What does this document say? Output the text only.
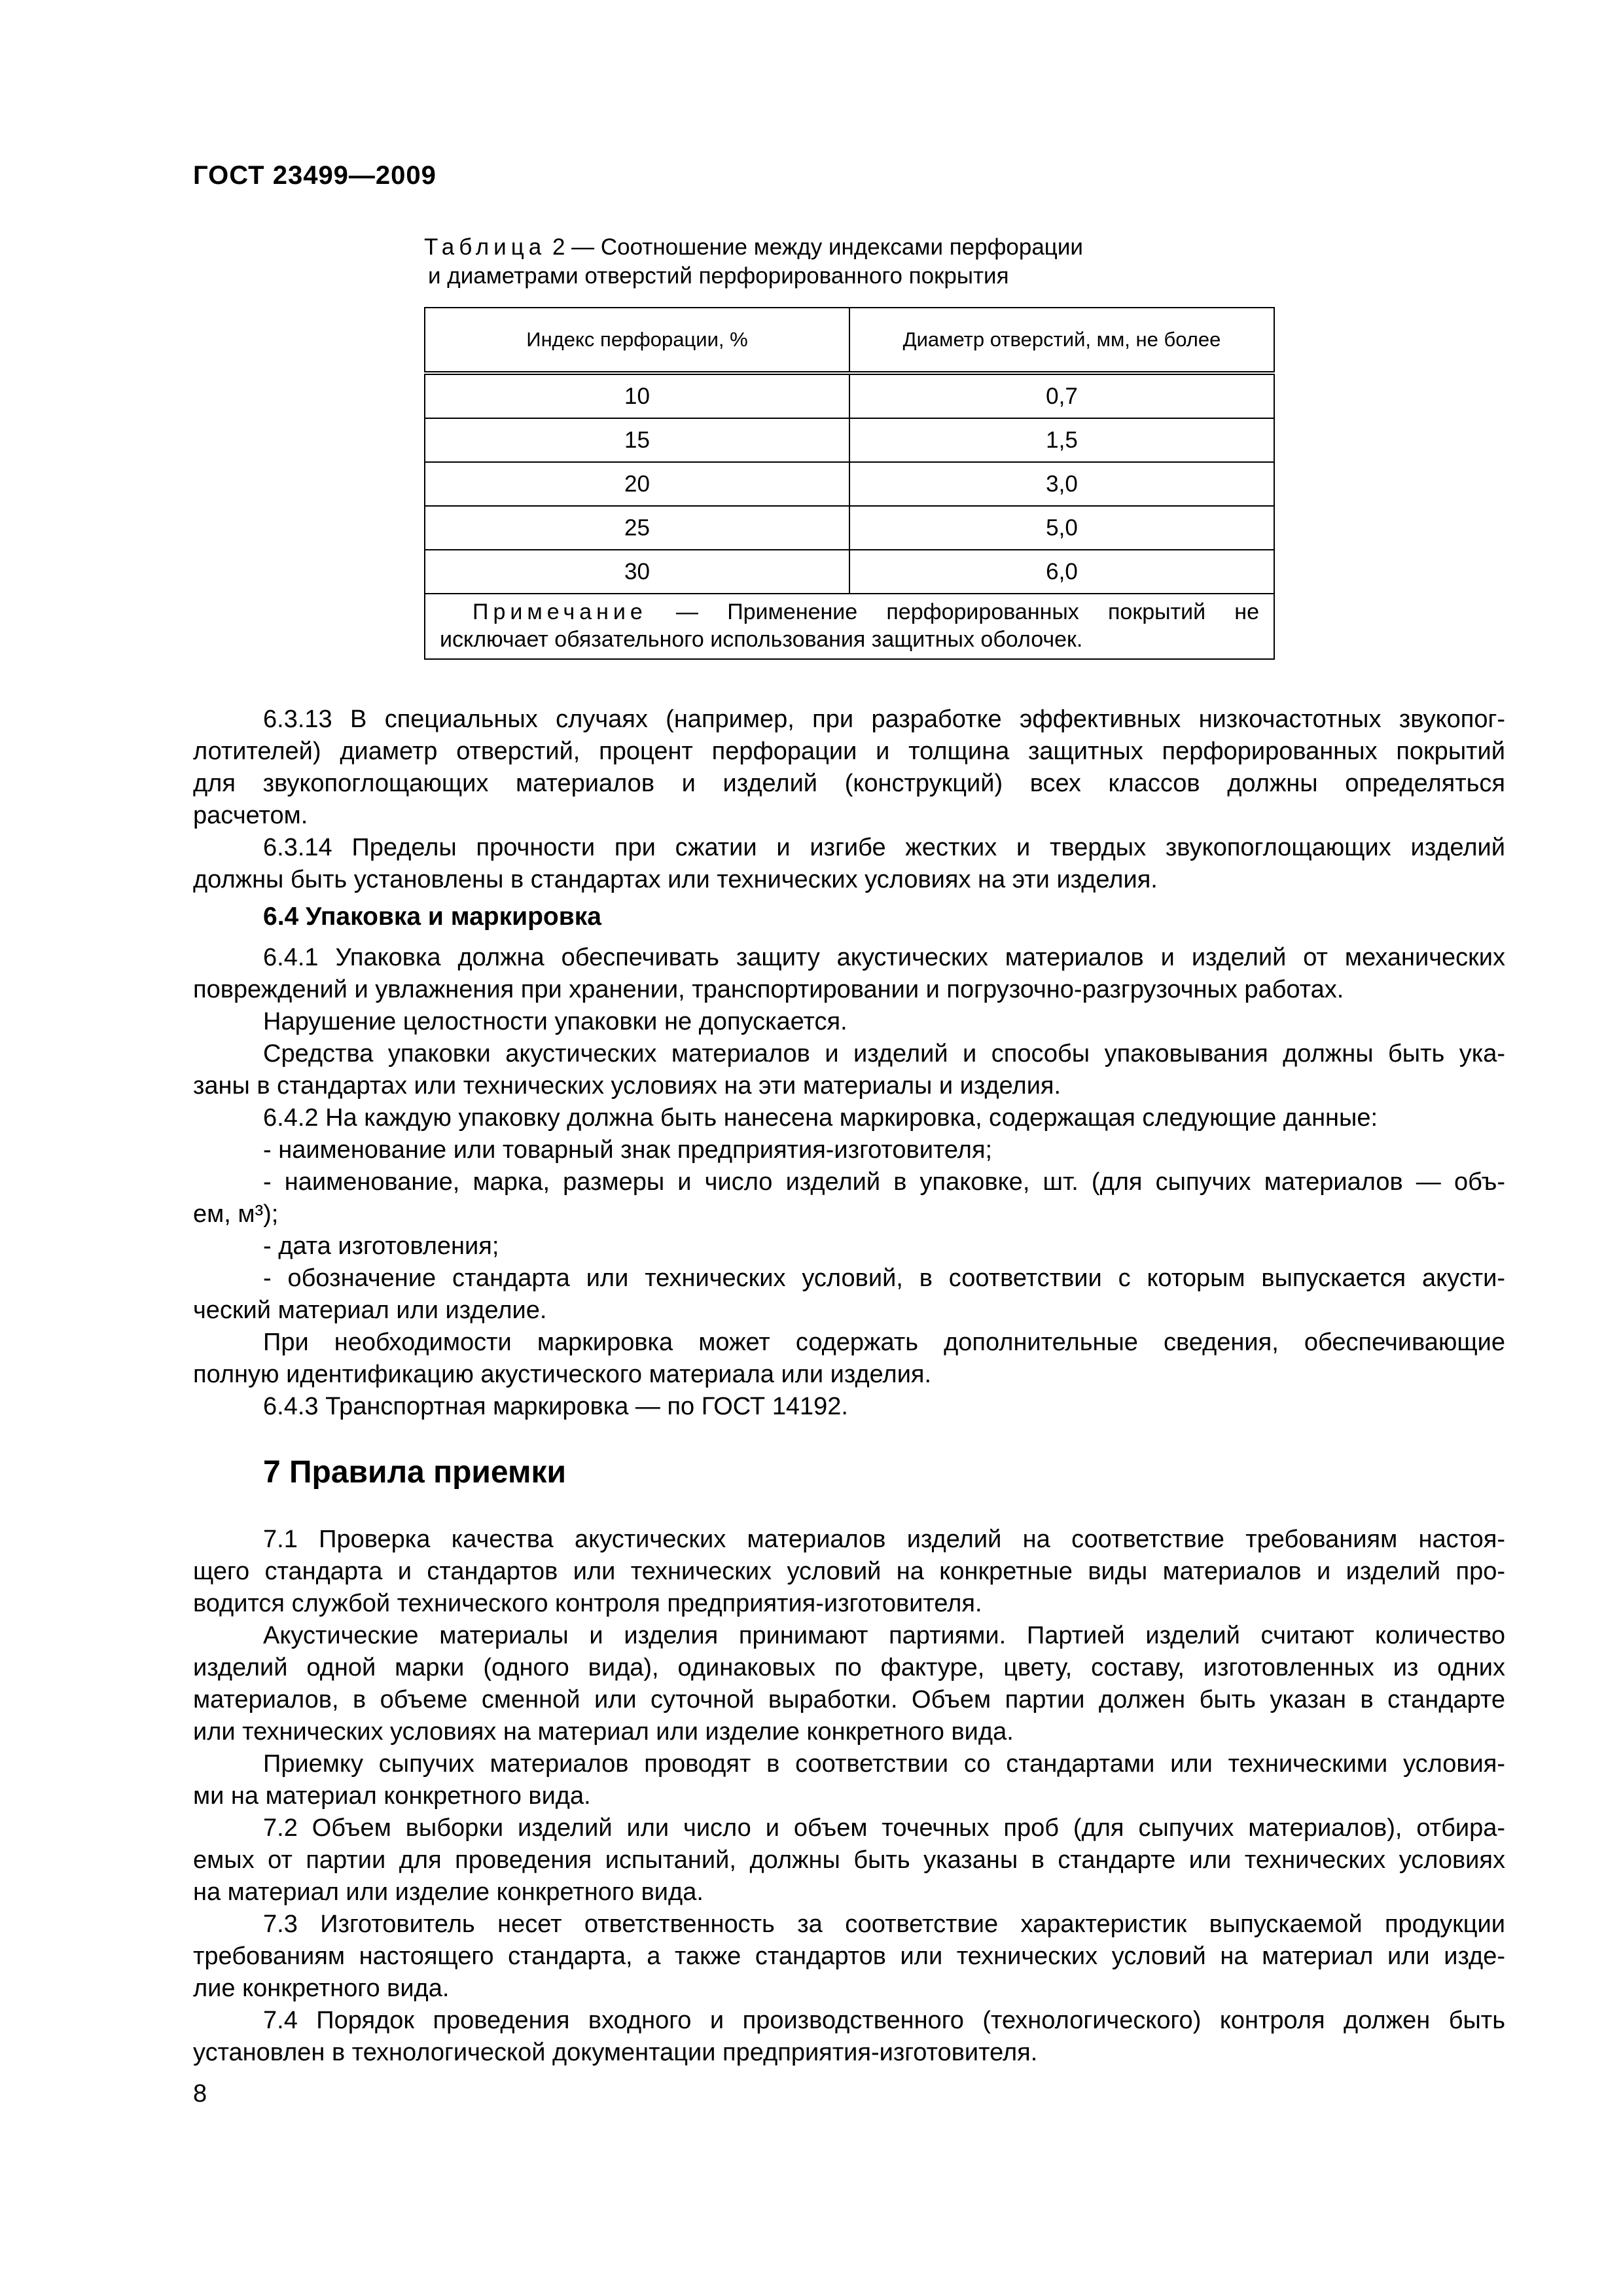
ГОСТ 23499—2009
Таблица 2 — Соотношение между индексами перфорации
и диаметрами отверстий перфорированного покрытия
Индекс перфорации, %	Диаметр отверстий, мм, не более
10	0,7
15	1,5
20	3,0
25	5,0
30	6,0
Примечание — Применение перфорированных покрытий не исключает обязательного использования защитных оболочек.	
6.3.13 В специальных случаях (например, при разработке эффективных низкочастотных звукопог-
лотителей) диаметр отверстий, процент перфорации и толщина защитных перфорированных покрытий
для звукопоглощающих материалов и изделий (конструкций) всех классов должны определяться
расчетом.
6.3.14 Пределы прочности при сжатии и изгибе жестких и твердых звукопоглощающих изделий
должны быть установлены в стандартах или технических условиях на эти изделия.
6.4 Упаковка и маркировка
6.4.1 Упаковка должна обеспечивать защиту акустических материалов и изделий от механических
повреждений и увлажнения при хранении, транспортировании и погрузочно-разгрузочных работах.
Нарушение целостности упаковки не допускается.
Средства упаковки акустических материалов и изделий и способы упаковывания должны быть ука-
заны в стандартах или технических условиях на эти материалы и изделия.
6.4.2 На каждую упаковку должна быть нанесена маркировка, содержащая следующие данные:
- наименование или товарный знак предприятия-изготовителя;
- наименование, марка, размеры и число изделий в упаковке, шт. (для сыпучих материалов — объ-
ем, м³);
- дата изготовления;
- обозначение стандарта или технических условий, в соответствии с которым выпускается акусти-
ческий материал или изделие.
При необходимости маркировка может содержать дополнительные сведения, обеспечивающие
полную идентификацию акустического материала или изделия.
6.4.3 Транспортная маркировка — по ГОСТ 14192.
7 Правила приемки
7.1 Проверка качества акустических материалов изделий на соответствие требованиям настоя-
щего стандарта и стандартов или технических условий на конкретные виды материалов и изделий про-
водится службой технического контроля предприятия-изготовителя.
Акустические материалы и изделия принимают партиями. Партией изделий считают количество
изделий одной марки (одного вида), одинаковых по фактуре, цвету, составу, изготовленных из одних
материалов, в объеме сменной или суточной выработки. Объем партии должен быть указан в стандарте
или технических условиях на материал или изделие конкретного вида.
Приемку сыпучих материалов проводят в соответствии со стандартами или техническими условия-
ми на материал конкретного вида.
7.2 Объем выборки изделий или число и объем точечных проб (для сыпучих материалов), отбира-
емых от партии для проведения испытаний, должны быть указаны в стандарте или технических условиях
на материал или изделие конкретного вида.
7.3 Изготовитель несет ответственность за соответствие характеристик выпускаемой продукции
требованиям настоящего стандарта, а также стандартов или технических условий на материал или изде-
лие конкретного вида.
7.4 Порядок проведения входного и производственного (технологического) контроля должен быть
установлен в технологической документации предприятия-изготовителя.
8
